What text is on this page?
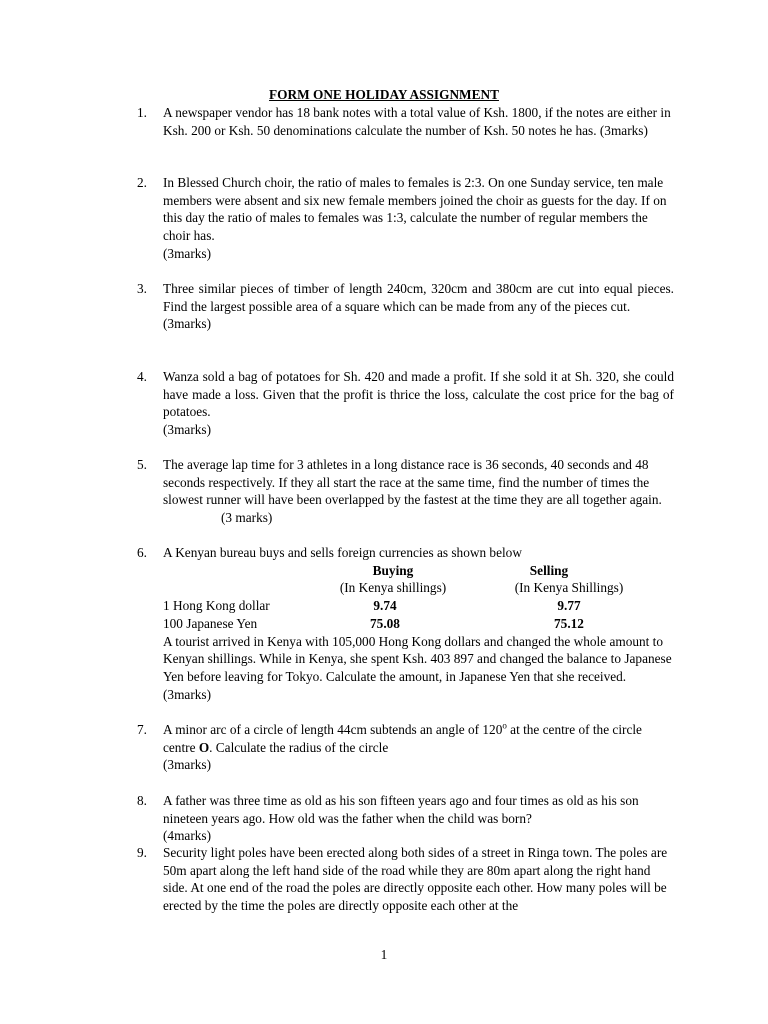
FORM ONE HOLIDAY ASSIGNMENT
1. A newspaper vendor has 18 bank notes with a total value of Ksh. 1800, if the notes are either in Ksh. 200 or Ksh. 50 denominations calculate the number of Ksh. 50 notes he has. (3marks)

2. In Blessed Church choir, the ratio of males to females is 2:3. On one Sunday service, ten male members were absent and six new female members joined the choir as guests for the day. If on this day the ratio of males to females was 1:3, calculate the number of regular members the choir has.

(3marks)

3. Three similar pieces of timber of length 240cm, 320cm and 380cm are cut into equal pieces. Find the largest possible area of a square which can be made from any of the pieces cut.

(3marks)

4. Wanza sold a bag of potatoes for Sh. 420 and made a profit. If she sold it at Sh. 320, she could have made a loss. Given that the profit is thrice the loss, calculate the cost price for the bag of potatoes.

(3marks)

5. The average lap time for 3 athletes in a long distance race is 36 seconds, 40 seconds and 48 seconds respectively. If they all start the race at the same time, find the number of times the slowest runner will have been overlapped by the fastest at the time they are all together again.

(3 marks)

6. A Kenyan bureau buys and sells foreign currencies as shown below

Buying	Selling
(In Kenya shillings)	(In Kenya Shillings)
1 Hong Kong dollar	9.74	9.77
100 Japanese Yen	75.08	75.12

A tourist arrived in Kenya with 105,000 Hong Kong dollars and changed the whole amount to Kenyan shillings. While in Kenya, she spent Ksh. 403 897 and changed the balance to Japanese Yen before leaving for Tokyo. Calculate the amount, in Japanese Yen that she received.

(3marks)

7. A minor arc of a circle of length 44cm subtends an angle of 120$^o$ at the centre of the circle centre O. Calculate the radius of the circle

(3marks)

8. A father was three time as old as his son fifteen years ago and four times as old as his son nineteen years ago. How old was the father when the child was born?

(4marks)

9. Security light poles have been erected along both sides of a street in Ringa town. The poles are 50m apart along the left hand side of the road while they are 80m apart along the right hand side. At one end of the road the poles are directly opposite each other. How many poles will be erected by the time the poles are directly opposite each other at the

1
